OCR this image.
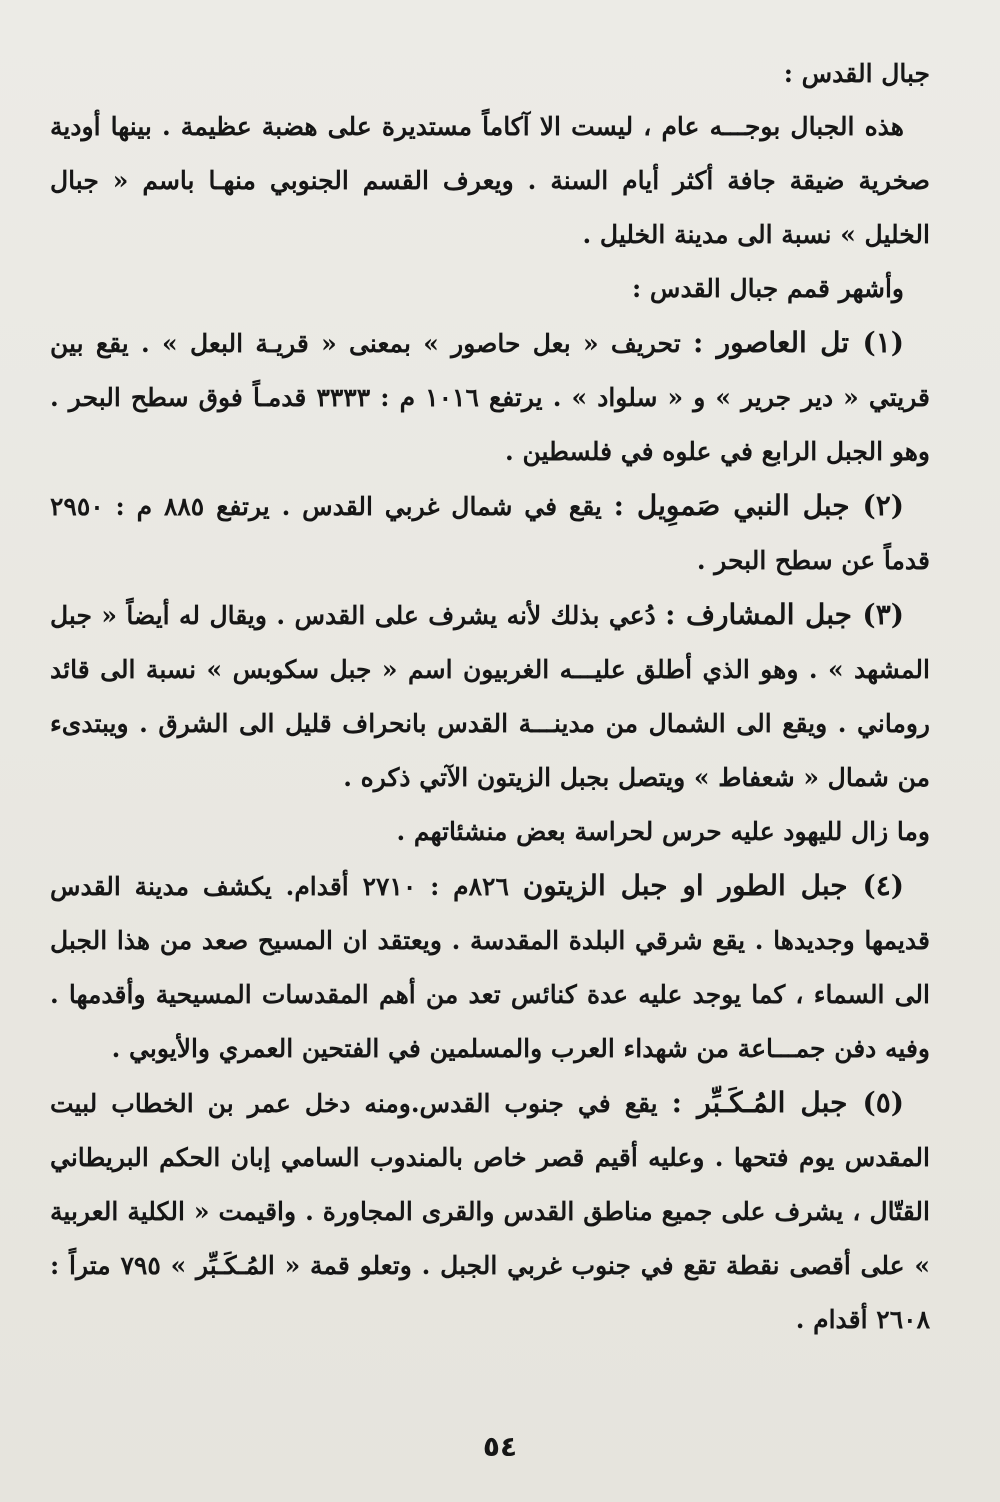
جبال القدس :

هذه الجبال بوجـــه عام ، ليست الا آكاماً مستديرة على هضبة عظيمة . بينها أودية صخرية ضيقة جافة أكثر أيام السنة . ويعرف القسم الجنوبي منهـا باسم « جبال الخليل » نسبة الى مدينة الخليل .

وأشهر قمم جبال القدس :

(١) تل العاصور : تحريف « بعل حاصور » بمعنى « قريـة البعل » . يقع بين قريتي « دير جرير » و « سلواد » . يرتفع ١٠١٦ م : ٣٣٣٣ قدمـاً فوق سطح البحر . وهو الجبل الرابع في علوه في فلسطين .

(٢) جبل النبي صَموِيل : يقع في شمال غربي القدس . يرتفع ٨٨٥ م : ٢٩٥٠ قدماً عن سطح البحر .

(٣) جبل المشارف : دُعي بذلك لأنه يشرف على القدس . ويقال له أيضاً « جبل المشهد » . وهو الذي أطلق عليـــه الغربيون اسم « جبل سكوبس » نسبة الى قائد روماني . ويقع الى الشمال من مدينـــة القدس بانحراف قليل الى الشرق . ويبتدىء من شمال « شعفاط » ويتصل بجبل الزيتون الآتي ذكره .

وما زال لليهود عليه حرس لحراسة بعض منشئاتهم .

(٤) جبل الطور او جبل الزيتون ٨٢٦م : ٢٧١٠ أقدام. يكشف مدينة القدس قديمها وجديدها . يقع شرقي البلدة المقدسة . ويعتقد ان المسيح صعد من هذا الجبل الى السماء ، كما يوجد عليه عدة كنائس تعد من أهم المقدسات المسيحية وأقدمها . وفيه دفن جمـــاعة من شهداء العرب والمسلمين في الفتحين العمري والأيوبي .

(٥) جبل المُـكَـبِّر : يقع في جنوب القدس.ومنه دخل عمر بن الخطاب لبيت المقدس يوم فتحها . وعليه أقيم قصر خاص بالمندوب السامي إبان الحكم البريطاني القتّال ، يشرف على جميع مناطق القدس والقرى المجاورة . واقيمت « الكلية العربية » على أقصى نقطة تقع في جنوب غربي الجبل . وتعلو قمة « المُـكَـبِّر » ٧٩٥ متراً : ٢٦٠٨ أقدام .

٥٤
